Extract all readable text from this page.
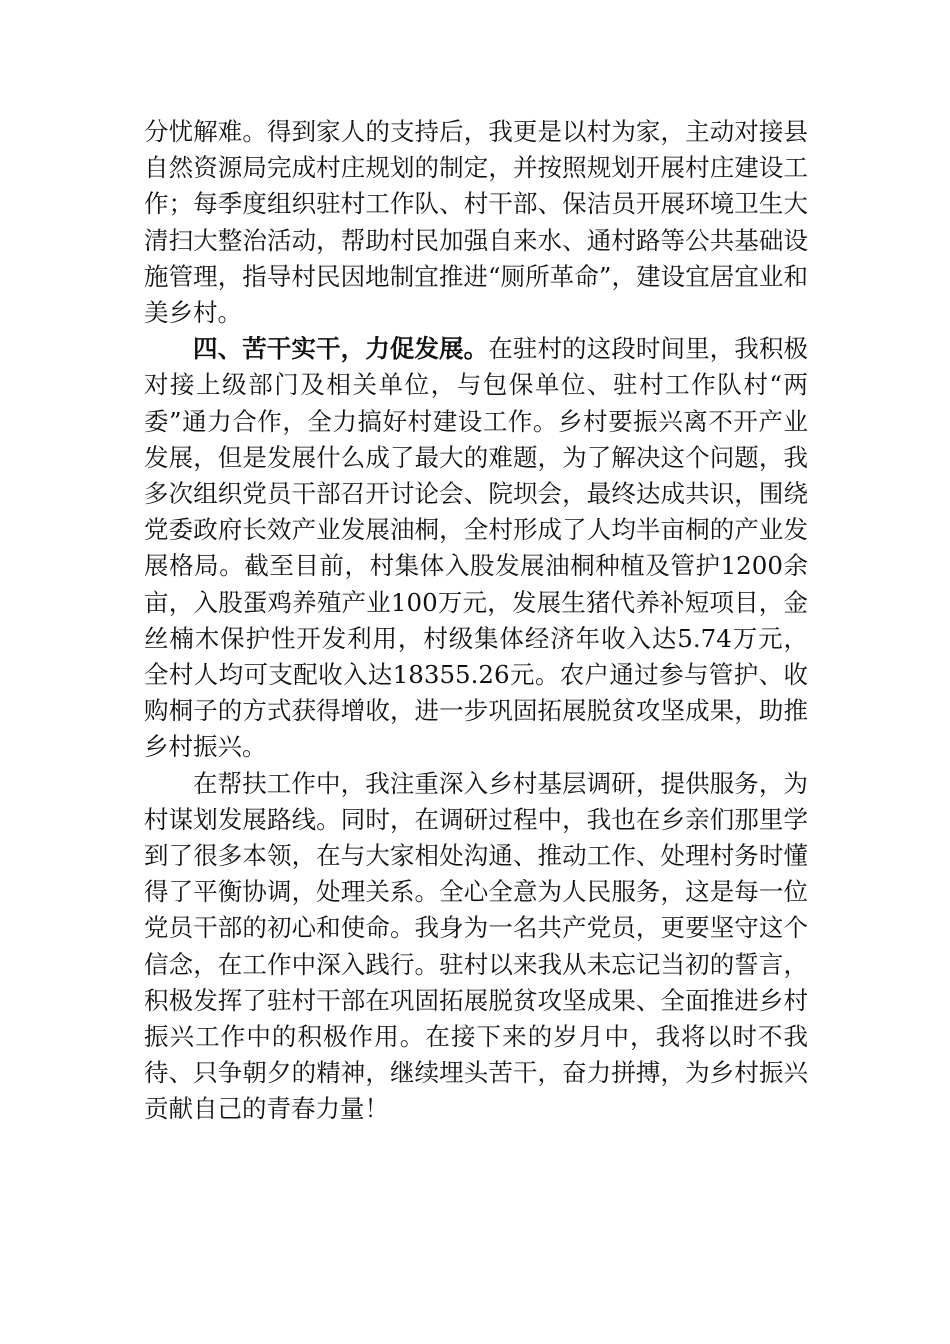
分忧解难。得到家人的支持后，我更是以村为家，主动对接县自然资源局完成村庄规划的制定，并按照规划开展村庄建设工作；每季度组织驻村工作队、村干部、保洁员开展环境卫生大清扫大整治活动，帮助村民加强自来水、通村路等公共基础设施管理，指导村民因地制宜推进“厕所革命”，建设宜居宜业和美乡村。

四、苦干实干，力促发展。在驻村的这段时间里，我积极对接上级部门及相关单位，与包保单位、驻村工作队村“两委”通力合作，全力搞好村建设工作。乡村要振兴离不开产业发展，但是发展什么成了最大的难题，为了解决这个问题，我多次组织党员干部召开讨论会、院坝会，最终达成共识，围绕党委政府长效产业发展油桐，全村形成了人均半亩桐的产业发展格局。截至目前，村集体入股发展油桐种植及管护1200余亩，入股蛋鸡养殖产业100万元，发展生猪代养补短项目，金丝楠木保护性开发利用，村级集体经济年收入达5.74万元，全村人均可支配收入达18355.26元。农户通过参与管护、收购桐子的方式获得增收，进一步巩固拓展脱贫攻坚成果，助推乡村振兴。

在帮扶工作中，我注重深入乡村基层调研，提供服务，为村谋划发展路线。同时，在调研过程中，我也在乡亲们那里学到了很多本领，在与大家相处沟通、推动工作、处理村务时懂得了平衡协调，处理关系。全心全意为人民服务，这是每一位党员干部的初心和使命。我身为一名共产党员，更要坚守这个信念，在工作中深入践行。驻村以来我从未忘记当初的誓言，积极发挥了驻村干部在巩固拓展脱贫攻坚成果、全面推进乡村振兴工作中的积极作用。在接下来的岁月中，我将以时不我待、只争朝夕的精神，继续埋头苦干，奋力拼搏，为乡村振兴贡献自己的青春力量！
